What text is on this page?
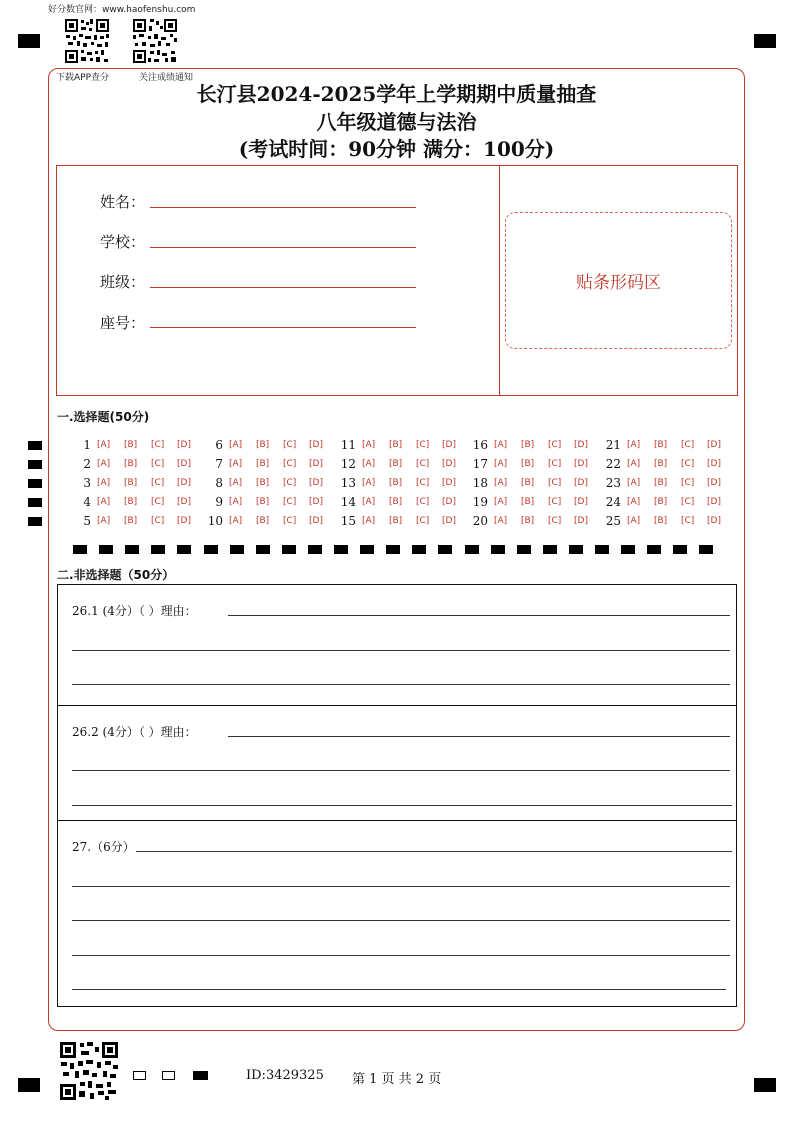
好分数官网：www.haofenshu.com
下载APP查分	关注成绩通知
长汀县2024-2025学年上学期期中质量抽查
八年级道德与法治
(考试时间：90分钟 满分：100分)
姓名：
学校：
班级：
座号：
贴条形码区
一.选择题(50分)
1 [A] [B] [C] [D]
2 [A] [B] [C] [D]
3 [A] [B] [C] [D]
4 [A] [B] [C] [D]
5 [A] [B] [C] [D]
6 [A] [B] [C] [D]
7 [A] [B] [C] [D]
8 [A] [B] [C] [D]
9 [A] [B] [C] [D]
10 [A] [B] [C] [D]
11 [A] [B] [C] [D]
12 [A] [B] [C] [D]
13 [A] [B] [C] [D]
14 [A] [B] [C] [D]
15 [A] [B] [C] [D]
16 [A] [B] [C] [D]
17 [A] [B] [C] [D]
18 [A] [B] [C] [D]
19 [A] [B] [C] [D]
20 [A] [B] [C] [D]
21 [A] [B] [C] [D]
22 [A] [B] [C] [D]
23 [A] [B] [C] [D]
24 [A] [B] [C] [D]
25 [A] [B] [C] [D]
二.非选择题（50分）
26.1 (4分）（ ）理由：
26.2 (4分）（ ）理由：
27.（6分）
ID:3429325 第 1 页 共 2 页
